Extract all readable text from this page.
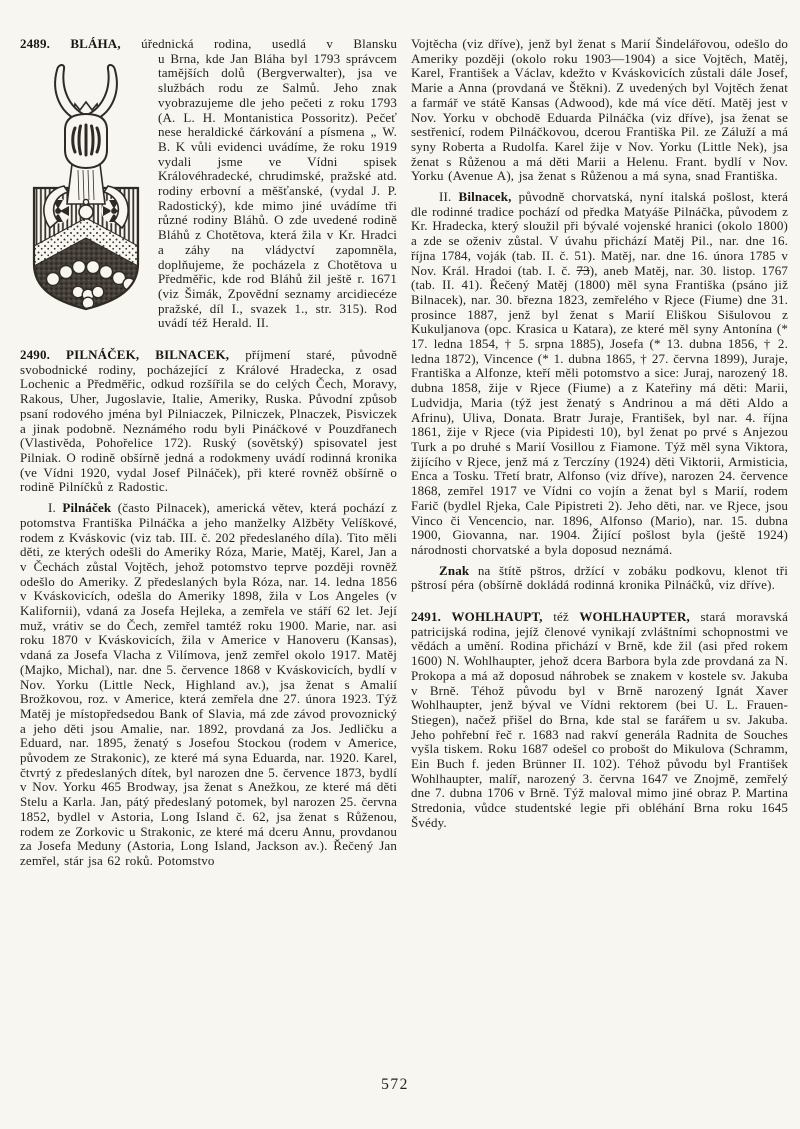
2489. BLÁHA, úřednická rodina, usedlá v Blansku

u Brna, kde Jan Bláha byl 1793 správcem tamějších dolů (Bergverwalter), jsa ve službách rodu ze Salmů. Jeho znak vyobrazujeme dle jeho pečeti z roku 1793 (A. L. H. Montanistica Possoritz). Pečeť nese heraldické čárkování a písmena „ W. B. K vůli evidenci uvádíme, že roku 1919 vydali jsme ve Vídni spisek Královéhradecké, chrudimské, pražské atd. rodiny erbovní a měšťanské, (vydal J. P. Radostický), kde mimo jiné uvádíme tři různé rodiny Bláhů. O zde uvedené rodině Bláhů z Chotětova, která žila v Kr. Hradci a záhy na vládyctví zapomněla, doplňujeme, že pocházela z Chotětova u Předměřic, kde rod Bláhů žil ještě r. 1671 (viz Šimák, Zpovědní seznamy arcidiecéze pražské, díl I., svazek 1., str. 315). Rod uvádí též Herald. II.

2490. PILNÁČEK, BILNACEK, příjmení staré, původně svobodnické rodiny, pocházející z Králové Hradecka, z osad Lochenic a Předměřic, odkud rozšířila se do celých Čech, Moravy, Rakous, Uher, Jugoslavie, Italie, Ameriky, Ruska. Původní způsob psaní rodového jména byl Pilniaczek, Pilniczek, Plnaczek, Pisviczek a jinak podobně. Neznámého rodu byli Pináčkové v Pouzdřanech (Vlastivěda, Pohořelice 172). Ruský (sovětský) spisovatel jest Pilniak. O rodině obšírně jedná a rodokmeny uvádí rodinná kronika (ve Vídni 1920, vydal Josef Pilnáček), při které rovněž obšírně o rodině Pilníčků z Radostic.

I. Pilnáček (často Pilnacek), americká větev, která pochází z potomstva Františka Pilnáčka a jeho manželky Alžběty Velíškové, rodem z Kváskovic (viz tab. III. č. 202 předeslaného díla). Tito měli děti, ze kterých odešli do Ameriky Róza, Marie, Matěj, Karel, Jan a v Čechách zůstal Vojtěch, jehož potomstvo teprve později rovněž odešlo do Ameriky. Z předeslaných byla Róza, nar. 14. ledna 1856 v Kváskovicích, odešla do Ameriky 1898, žila v Los Angeles (v Kalifornii), vdaná za Josefa Hejleka, a zemřela ve stáří 62 let. Její muž, vrátiv se do Čech, zemřel tamtéž roku 1900. Marie, nar. asi roku 1870 v Kváskovicích, žila v Americe v Hanoveru (Kansas), vdaná za Josefa Vlacha z Vilímova, jenž zemřel okolo 1917. Matěj (Majko, Michal), nar. dne 5. července 1868 v Kváskovicích, bydlí v Nov. Yorku (Little Neck, Highland av.), jsa ženat s Amalií Brožkovou, roz. v Americe, která zemřela dne 27. února 1923. Týž Matěj je místopředsedou Bank of Slavia, má zde závod provoznický a jeho děti jsou Amalie, nar. 1892, provdaná za Jos. Jedličku a Eduard, nar. 1895, ženatý s Josefou Stockou (rodem v Americe, původem ze Strakonic), ze které má syna Eduarda, nar. 1920. Karel, čtvrtý z předeslaných dítek, byl narozen dne 5. července 1873, bydlí v Nov. Yorku 465 Brodway, jsa ženat s Anežkou, ze které má děti Stelu a Karla. Jan, pátý předeslaný potomek, byl narozen 25. června 1852, bydlel v Astoria, Long Island č. 62, jsa ženat s Růženou, rodem ze Zorkovic u Strakonic, ze které má dceru Annu, provdanou za Josefa Meduny (Astoria, Long Island, Jackson av.). Řečený Jan zemřel, stár jsa 62 roků. Potomstvo

Vojtěcha (viz dříve), jenž byl ženat s Marií Šindelářovou, odešlo do Ameriky později (okolo roku 1903—1904) a sice Vojtěch, Matěj, Karel, František a Václav, kdežto v Kváskovicích zůstali dále Josef, Marie a Anna (provdaná ve Štěkni). Z uvedených byl Vojtěch ženat a farmář ve státě Kansas (Adwood), kde má více dětí. Matěj jest v Nov. Yorku v obchodě Eduarda Pilnáčka (viz dříve), jsa ženat se sestřenicí, rodem Pilnáčkovou, dcerou Františka Pil. ze Záluží a má syny Roberta a Rudolfa. Karel žije v Nov. Yorku (Little Nek), jsa ženat s Růženou a má děti Marii a Helenu. Frant. bydlí v Nov. Yorku (Avenue A), jsa ženat s Růženou a má syna, snad Františka.

II. Bilnacek, původně chorvatská, nyní italská pošlost, která dle rodinné tradice pochází od předka Matyáše Pilnáčka, původem z Kr. Hradecka, který sloužil při bývalé vojenské hranici (okolo 1800) a zde se oženiv zůstal. V úvahu přichází Matěj Pil., nar. dne 16. října 1784, voják (tab. II. č. 51). Matěj, nar. dne 16. února 1785 v Nov. Král. Hradoi (tab. I. č. 73), aneb Matěj, nar. 30. listop. 1767 (tab. II. 41). Řečený Matěj (1800) měl syna Františka (psáno již Bilnacek), nar. 30. března 1823, zemřelého v Rjece (Fiume) dne 31. prosince 1887, jenž byl ženat s Marií Eliškou Sišulovou z Kukuljanova (opc. Krasica u Katara), ze které měl syny Antonína (* 17. ledna 1854, † 5. srpna 1885), Josefa (* 13. dubna 1856, † 2. ledna 1872), Vincence (* 1. dubna 1865, † 27. června 1899), Juraje, Františka a Alfonze, kteří měli potomstvo a sice: Juraj, narozený 18. dubna 1858, žije v Rjece (Fiume) a z Kateřiny má děti: Marii, Ludvidja, Maria (týž jest ženatý s Andrinou a má děti Aldo a Afrinu), Uliva, Donata. Bratr Juraje, František, byl nar. 4. října 1861, žije v Rjece (via Pipidesti 10), byl ženat po prvé s Anjezou Turk a po druhé s Marií Vosillou z Fiamone. Týž měl syna Viktora, žijícího v Rjece, jenž má z Terczíny (1924) děti Viktorii, Armisticia, Enca a Tosku. Třetí bratr, Alfonso (viz dříve), narozen 24. července 1868, zemřel 1917 ve Vídni co vojín a ženat byl s Marií, rodem Farič (bydlel Rjeka, Cale Pipistreti 2). Jeho děti, nar. ve Rjece, jsou Vinco či Vencencio, nar. 1896, Alfonso (Mario), nar. 15. dubna 1900, Giovanna, nar. 1904. Žijící pošlost byla (ještě 1924) národnosti chorvatské a byla doposud neznámá.

Znak na štítě pštros, držící v zobáku podkovu, klenot tři pštrosí péra (obšírně dokládá rodinná kronika Pilnáčků, viz dříve).

2491. WOHLHAUPT, též WOHLHAUPTER, stará moravská patricijská rodina, jejíž členové vynikají zvláštními schopnostmi ve vědách a umění. Rodina přichází v Brně, kde žil (asi před rokem 1600) N. Wohlhaupter, jehož dcera Barbora byla zde provdaná za N. Prokopa a má až doposud náhrobek se znakem v kostele sv. Jakuba v Brně. Téhož původu byl v Brně narozený Ignát Xaver Wohlhaupter, jenž býval ve Vídni rektorem (bei U. L. Frauen-Stiegen), načež přišel do Brna, kde stal se farářem u sv. Jakuba. Jeho pohřební řeč r. 1683 nad rakví generála Radnita de Souches vyšla tiskem. Roku 1687 odešel co probošt do Mikulova (Schramm, Ein Buch f. jeden Brünner II. 102). Téhož původu byl František Wohlhaupter, malíř, narozený 3. června 1647 ve Znojmě, zemřelý dne 7. dubna 1706 v Brně. Týž maloval mimo jiné obraz P. Martina Stredonia, vůdce studentské legie při obléhání Brna roku 1645 Švédy.

572
